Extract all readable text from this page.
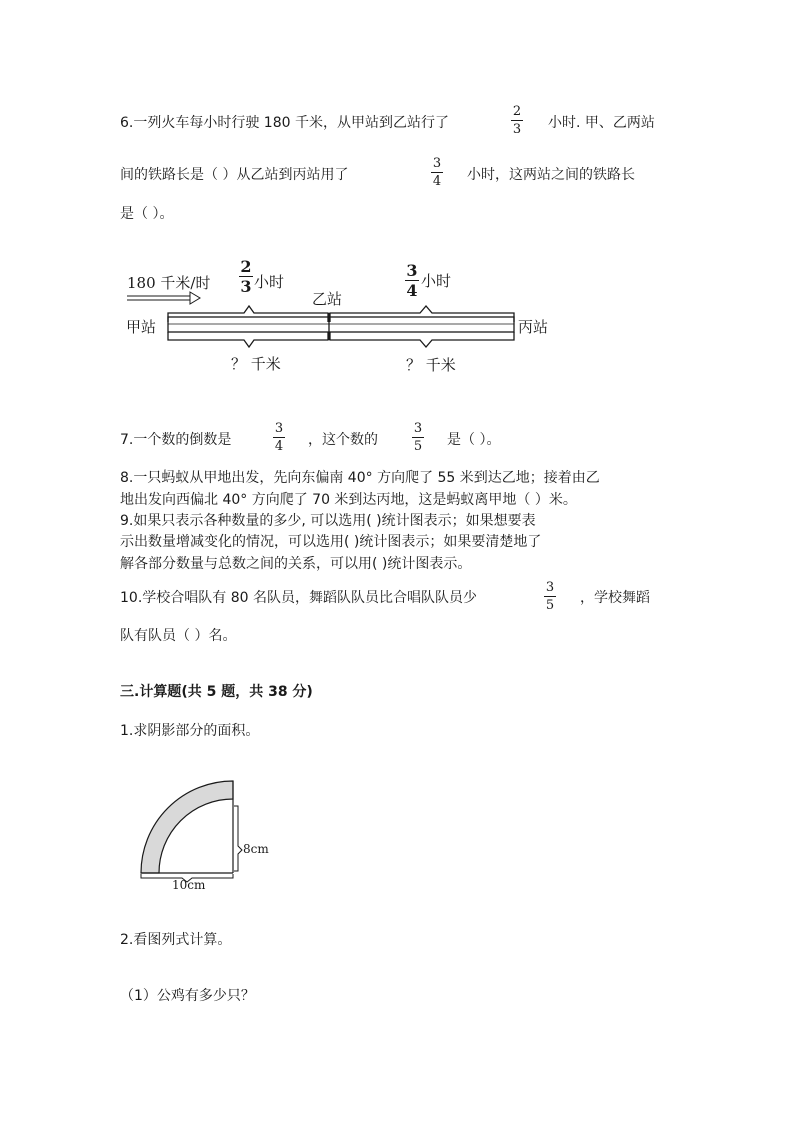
6.一列火车每小时行驶 180 千米，从甲站到乙站行了
2
3 小时. 甲、乙两站
间的铁路长是（ ）从乙站到丙站用了
3
4 小时，这两站之间的铁路长
是（ ）。
180 千米/时
2
3 小时
3
4 小时
乙站
甲站	丙站
？ 千米	？ 千米
7.一个数的倒数是
3
4 ，这个数的
3
5 是（ ）。
8.一只蚂蚁从甲地出发，先向东偏南 40° 方向爬了 55 米到达乙地；接着由乙
地出发向西偏北 40° 方向爬了 70 米到达丙地，这是蚂蚁离甲地（ ）米。
9.如果只表示各种数量的多少, 可以选用( )统计图表示；如果想要表
示出数量增减变化的情况，可以选用( )统计图表示；如果要清楚地了
解各部分数量与总数之间的关系，可以用( )统计图表示。
10.学校合唱队有 80 名队员，舞蹈队队员比合唱队队员少
3
5 ，学校舞蹈
队有队员（ ）名。
三.计算题(共 5 题，共 38 分)
1.求阴影部分的面积。
8cm
10cm
2.看图列式计算。
（1）公鸡有多少只？
